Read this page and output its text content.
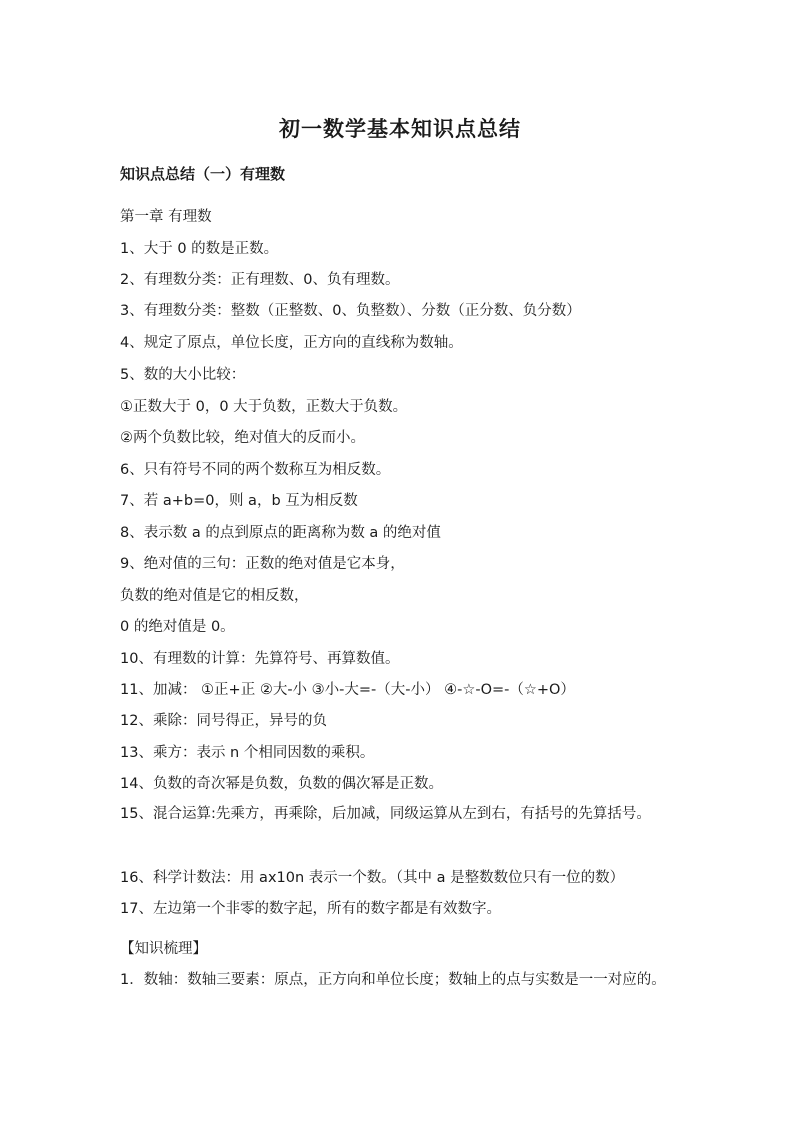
初一数学基本知识点总结
知识点总结（一）有理数

第一章 有理数

1、大于 0 的数是正数。

2、有理数分类：正有理数、0、负有理数。

3、有理数分类：整数（正整数、0、负整数）、分数（正分数、负分数）

4、规定了原点，单位长度，正方向的直线称为数轴。

5、数的大小比较：

①正数大于 0，0 大于负数，正数大于负数。

②两个负数比较，绝对值大的反而小。

6、只有符号不同的两个数称互为相反数。

7、若 a+b=0，则 a，b 互为相反数

8、表示数 a 的点到原点的距离称为数 a 的绝对值

9、绝对值的三句：正数的绝对值是它本身，

负数的绝对值是它的相反数，

0 的绝对值是 0。

10、有理数的计算：先算符号、再算数值。

11、加减： ①正+正 ②大-小 ③小-大=-（大-小） ④-☆-O=-（☆+O）

12、乘除：同号得正，异号的负

13、乘方：表示 n 个相同因数的乘积。

14、负数的奇次幂是负数，负数的偶次幂是正数。

15、混合运算:先乘方，再乘除，后加减，同级运算从左到右，有括号的先算括号。

16、科学计数法：用 ax10n 表示一个数。（其中 a 是整数数位只有一位的数）

17、左边第一个非零的数字起，所有的数字都是有效数字。

【知识梳理】

1．数轴：数轴三要素：原点，正方向和单位长度；数轴上的点与实数是一一对应的。
